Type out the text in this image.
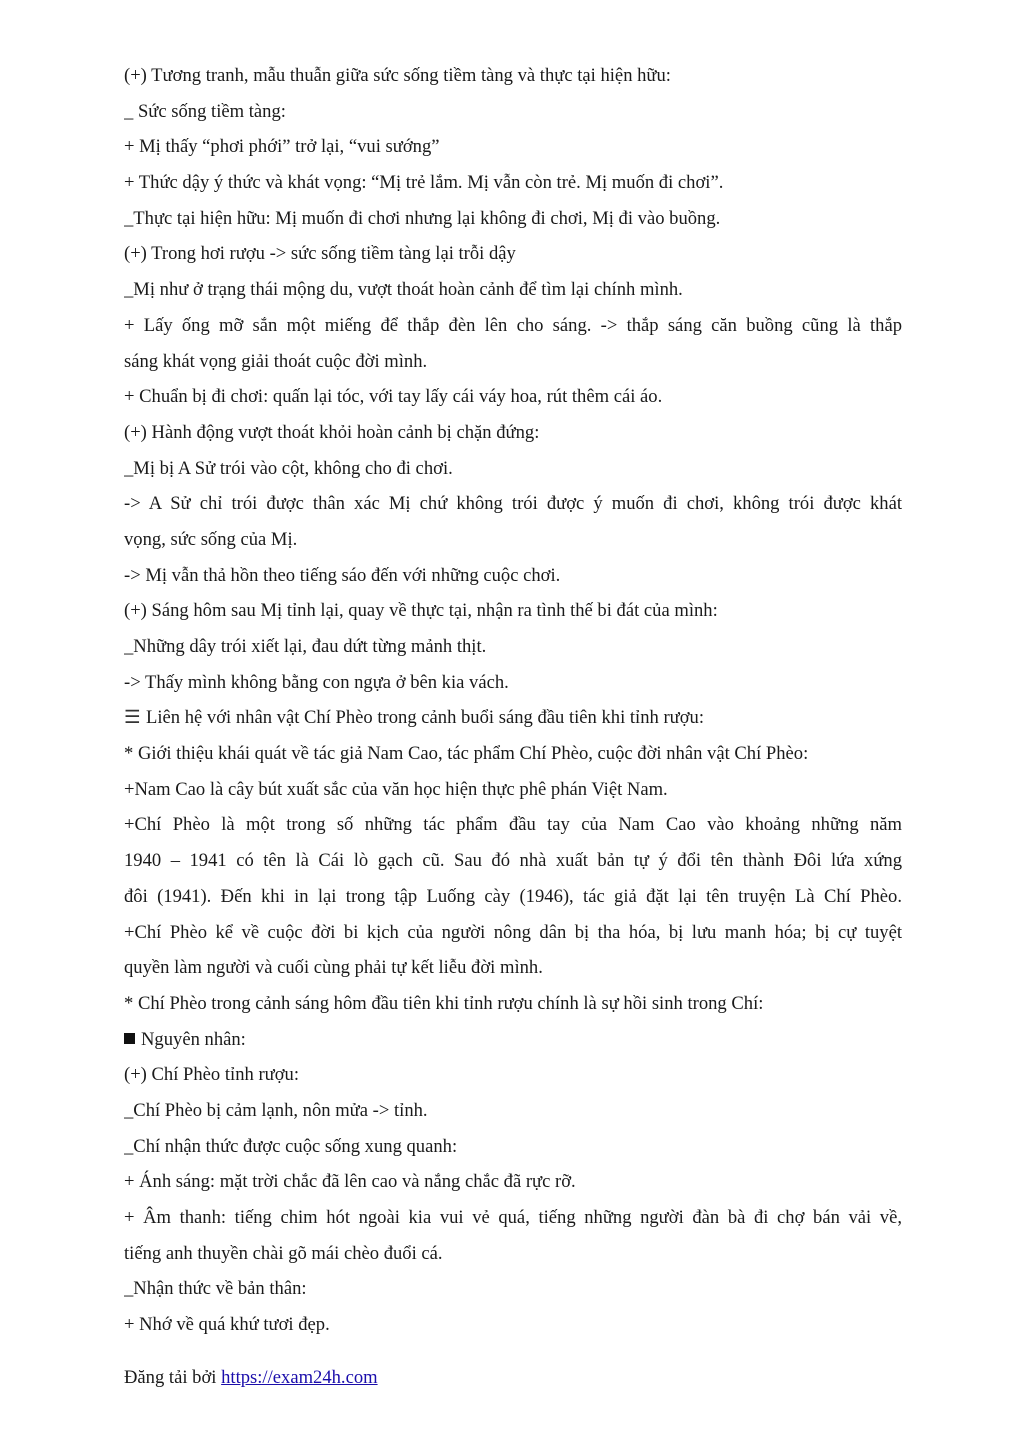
(+) Tương tranh, mẫu thuẫn giữa sức sống tiềm tàng và thực tại hiện hữu:
_ Sức sống tiềm tàng:
+ Mị thấy “phơi phới” trở lại, “vui sướng”
+ Thức dậy ý thức và khát vọng: “Mị trẻ lắm. Mị vẫn còn trẻ. Mị muốn đi chơi”.
_Thực tại hiện hữu: Mị muốn đi chơi nhưng lại không đi chơi, Mị đi vào buồng.
(+) Trong hơi rượu -> sức sống tiềm tàng lại trỗi dậy
_Mị như ở trạng thái mộng du, vượt thoát hoàn cảnh để tìm lại chính mình.
+ Lấy ống mỡ sắn một miếng để thắp đèn lên cho sáng. -> thắp sáng căn buồng cũng là thắp
sáng khát vọng giải thoát cuộc đời mình.
+ Chuẩn bị đi chơi: quấn lại tóc, với tay lấy cái váy hoa, rút thêm cái áo.
(+) Hành động vượt thoát khỏi hoàn cảnh bị chặn đứng:
_Mị bị A Sử trói vào cột, không cho đi chơi.
-> A Sử chỉ trói được thân xác Mị chứ không trói được ý muốn đi chơi, không trói được khát
vọng, sức sống của Mị.
-> Mị vẫn thả hồn theo tiếng sáo đến với những cuộc chơi.
(+) Sáng hôm sau Mị tỉnh lại, quay về thực tại, nhận ra tình thế bi đát của mình:
_Những dây trói xiết lại, đau dứt từng mảnh thịt.
-> Thấy mình không bằng con ngựa ở bên kia vách.
☰ Liên hệ với nhân vật Chí Phèo trong cảnh buổi sáng đầu tiên khi tỉnh rượu:
* Giới thiệu khái quát về tác giả Nam Cao, tác phẩm Chí Phèo, cuộc đời nhân vật Chí Phèo:
+Nam Cao là cây bút xuất sắc của văn học hiện thực phê phán Việt Nam.
+Chí Phèo là một trong số những tác phẩm đầu tay của Nam Cao vào khoảng những năm
1940 – 1941 có tên là Cái lò gạch cũ. Sau đó nhà xuất bản tự ý đổi tên thành Đôi lứa xứng
đôi (1941). Đến khi in lại trong tập Luống cày (1946), tác giả đặt lại tên truyện Là Chí Phèo.
+Chí Phèo kể về cuộc đời bi kịch của người nông dân bị tha hóa, bị lưu manh hóa; bị cự tuyệt
quyền làm người và cuối cùng phải tự kết liễu đời mình.
* Chí Phèo trong cảnh sáng hôm đầu tiên khi tỉnh rượu chính là sự hồi sinh trong Chí:
Nguyên nhân:
(+) Chí Phèo tỉnh rượu:
_Chí Phèo bị cảm lạnh, nôn mửa -> tỉnh.
_Chí nhận thức được cuộc sống xung quanh:
+ Ánh sáng: mặt trời chắc đã lên cao và nắng chắc đã rực rỡ.
+ Âm thanh: tiếng chim hót ngoài kia vui vẻ quá, tiếng những người đàn bà đi chợ bán vải về,
tiếng anh thuyền chài gõ mái chèo đuổi cá.
_Nhận thức về bản thân:
+ Nhớ về quá khứ tươi đẹp.
Đăng tải bởi https://exam24h.com
